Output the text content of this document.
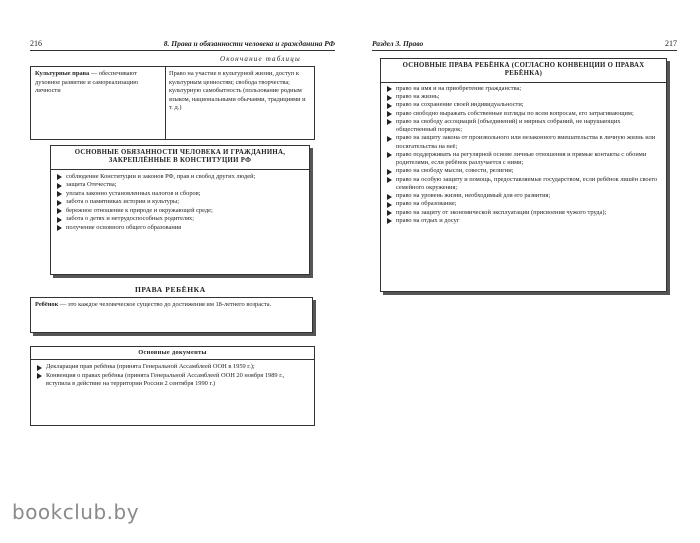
216	8. Права и обязанности человека и гражданина РФ
Окончание таблицы
Культурные права — обеспечивают духовное развитие и самореализацию личности
Право на участие в культурной жизни, доступ к культурным ценностям; свобода творчества; культурную самобытность (пользование родным языком, национальными обычаями, традициями и т. д.)
ОСНОВНЫЕ ОБЯЗАННОСТИ ЧЕЛОВЕКА И ГРАЖДАНИНА, ЗАКРЕПЛЁННЫЕ В КОНСТИТУЦИИ РФ
соблюдение Конституции и законов РФ, прав и свобод других людей;
защита Отечества;
уплата законно установленных налогов и сборов;
забота о памятниках истории и культуры;
бережное отношение к природе и окружающей среде;
забота о детях и нетрудоспособных родителях;
получение основного общего образования
ПРАВА РЕБЁНКА
Ребёнок — это каждое человеческое существо до достижения им 18-летнего возраста.
Основные документы
Декларация прав ребёнка (принята Генеральной Ассамблеей ООН в 1959 г.);
Конвенция о правах ребёнка (принята Генеральной Ассамблеей ООН 20 ноября 1989 г., вступила в действие на территории России 2 сентября 1990 г.)
Раздел 3. Право	217
ОСНОВНЫЕ ПРАВА РЕБЁНКА (СОГЛАСНО КОНВЕНЦИИ О ПРАВАХ РЕБЁНКА)
право на имя и на приобретение гражданства;
право на жизнь;
право на сохранение своей индивидуальности;
право свободно выражать собственные взгляды по всем вопросам, его затрагивающим;
право на свободу ассоциаций (объединений) и мирных собраний, не нарушающих общественный порядок;
право на защиту закона от произвольного или незаконного вмешательства в личную жизнь или посягательства на неё;
право поддерживать на регулярной основе личные отношения и прямые контакты с обоими родителями, если ребёнок разлучается с ними;
право на свободу мысли, совести, религии;
право на особую защиту и помощь, предоставляемые государством, если ребёнок лишён своего семейного окружения;
право на уровень жизни, необходимый для его развития;
право на образование;
право на защиту от экономической эксплуатации (присвоения чужого труда);
право на отдых и досуг
bookclub.by
